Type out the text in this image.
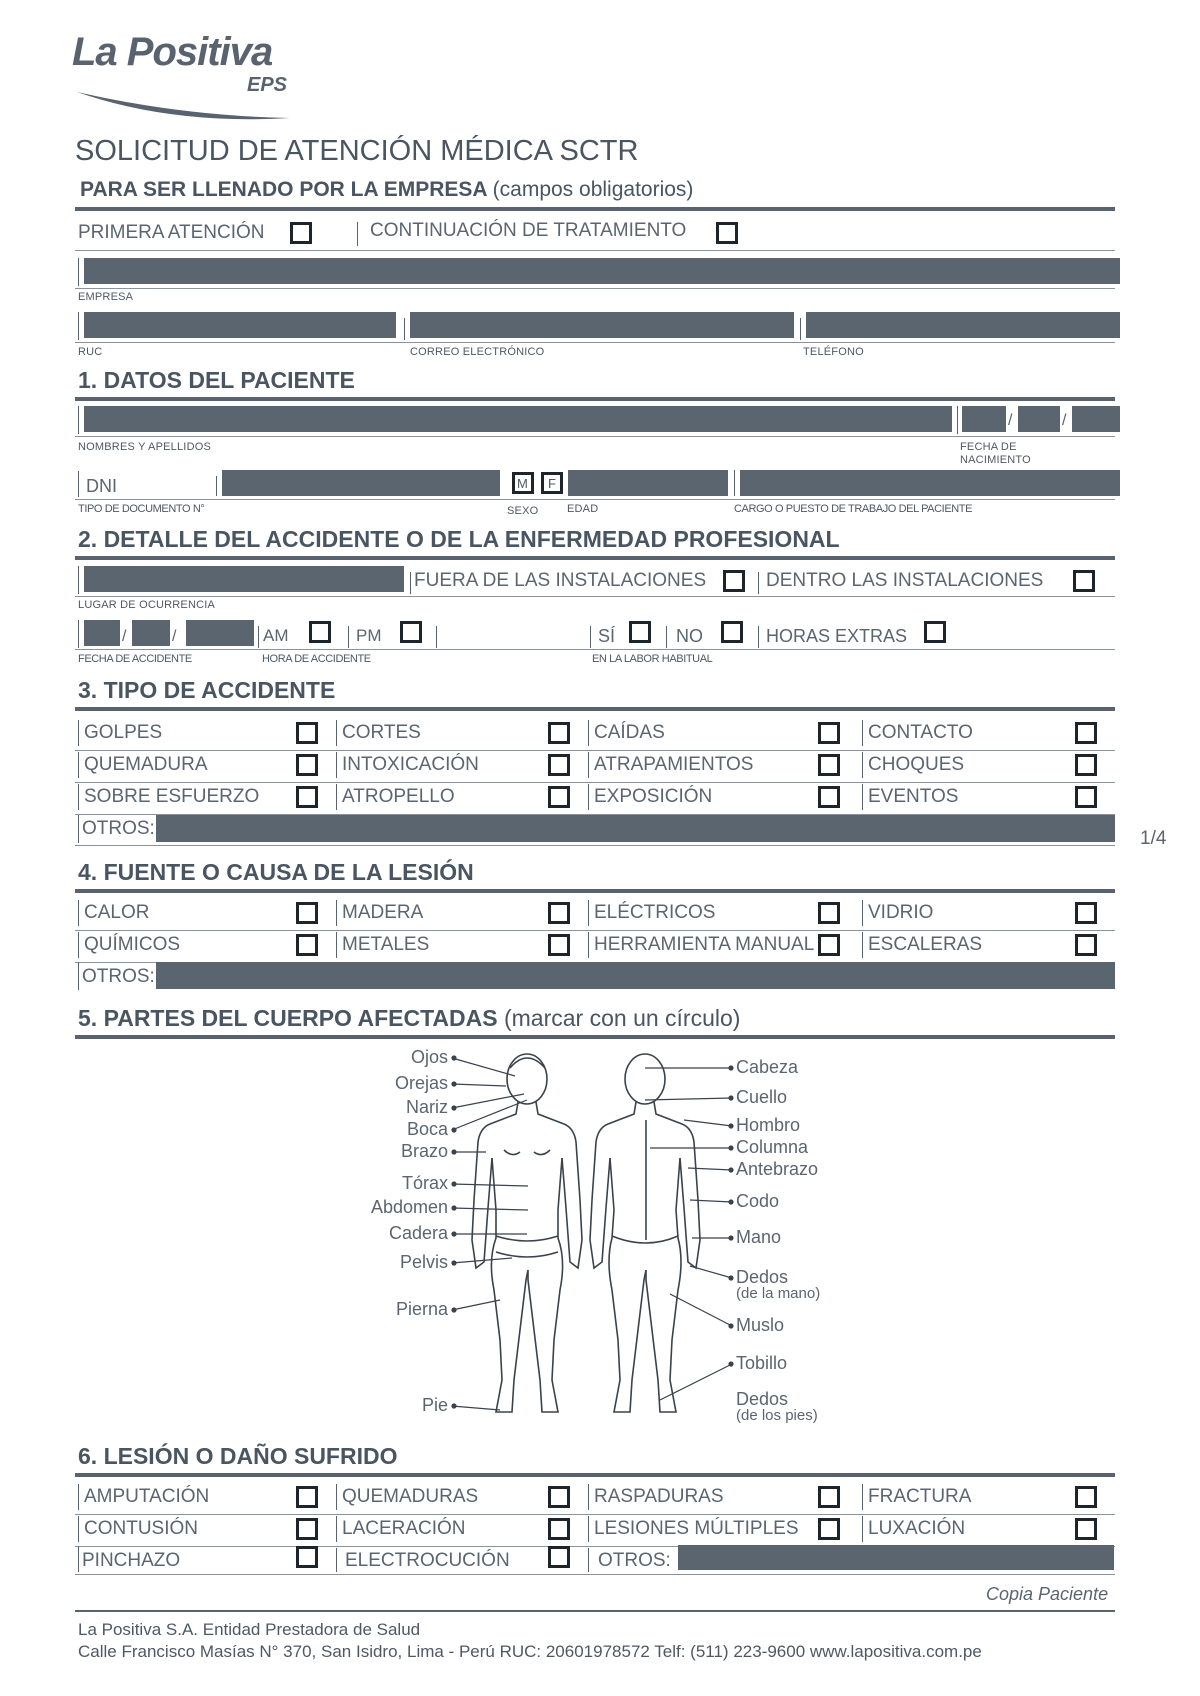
La Positiva
EPS
SOLICITUD DE ATENCIÓN MÉDICA SCTR
PARA SER LLENADO POR LA EMPRESA (campos obligatorios)
PRIMERA ATENCIÓN	CONTINUACIÓN DE TRATAMIENTO
EMPRESA
RUC	CORREO ELECTRÓNICO	TELÉFONO
1. DATOS DEL PACIENTE
/	/
NOMBRES Y APELLIDOS	FECHA DE
NACIMIENTO
DNI	M F
TIPO DE DOCUMENTO N°	SEXO	EDAD	CARGO O PUESTO DE TRABAJO DEL PACIENTE
2. DETALLE DEL ACCIDENTE O DE LA ENFERMEDAD PROFESIONAL
FUERA DE LAS INSTALACIONES	DENTRO LAS INSTALACIONES
LUGAR DE OCURRENCIA
/	/	AM	PM	SÍ	NO	HORAS EXTRAS
FECHA DE ACCIDENTE	HORA DE ACCIDENTE	EN LA LABOR HABITUAL
3. TIPO DE ACCIDENTE
GOLPES	CORTES	CAÍDAS	CONTACTO
QUEMADURA	INTOXICACIÓN	ATRAPAMIENTOS	CHOQUES
SOBRE ESFUERZO	ATROPELLO	EXPOSICIÓN	EVENTOS
OTROS:	1/4
4. FUENTE O CAUSA DE LA LESIÓN
CALOR	MADERA	ELÉCTRICOS	VIDRIO
QUÍMICOS	METALES	HERRAMIENTA MANUAL	ESCALERAS
OTROS:
5. PARTES DEL CUERPO AFECTADAS (marcar con un círculo)
Ojos
Orejas
Nariz
Boca
Brazo
Tórax
Abdomen
Cadera
Pelvis
Pierna
Pie
Cabeza
Cuello
Hombro
Columna
Antebrazo
Codo
Mano
Dedos
(de la mano)
Muslo
Tobillo
Dedos
(de los pies)
6. LESIÓN O DAÑO SUFRIDO
AMPUTACIÓN	QUEMADURAS	RASPADURAS	FRACTURA
CONTUSIÓN	LACERACIÓN	LESIONES MÚLTIPLES	LUXACIÓN
PINCHAZO	ELECTROCUCIÓN	OTROS:
Copia Paciente
La Positiva S.A. Entidad Prestadora de Salud
Calle Francisco Masías N° 370, San Isidro, Lima - Perú RUC: 20601978572 Telf: (511) 223-9600 www.lapositiva.com.pe
